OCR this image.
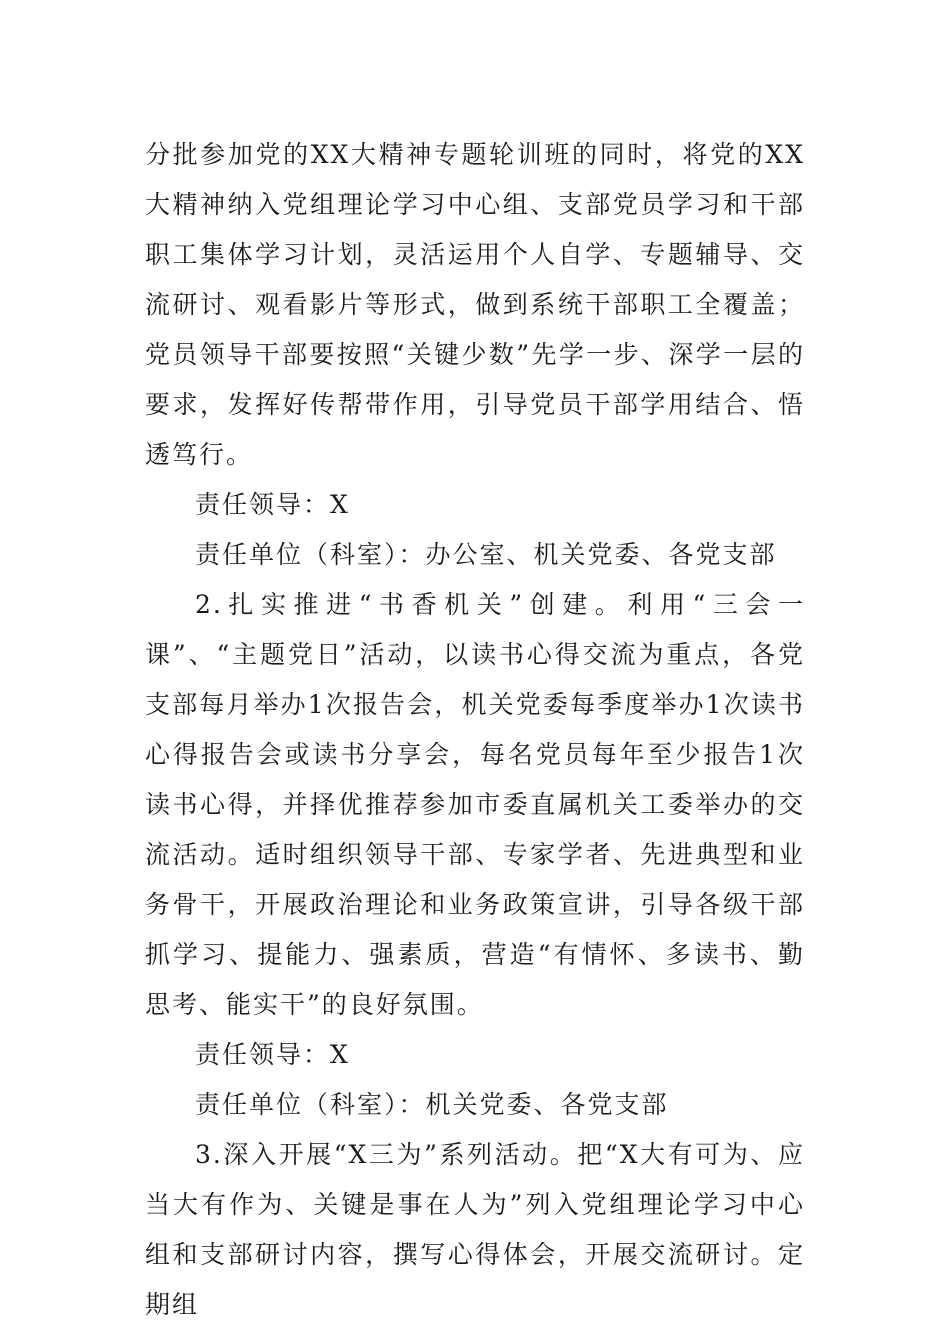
分批参加党的XX大精神专题轮训班的同时，将党的XX大精神纳入党组理论学习中心组、支部党员学习和干部职工集体学习计划，灵活运用个人自学、专题辅导、交流研讨、观看影片等形式，做到系统干部职工全覆盖；党员领导干部要按照“关键少数”先学一步、深学一层的要求，发挥好传帮带作用，引导党员干部学用结合、悟透笃行。

责任领导：X

责任单位（科室）：办公室、机关党委、各党支部

2.扎实推进“书香机关”创建。利用“三会一课”、“主题党日”活动，以读书心得交流为重点，各党支部每月举办1次报告会，机关党委每季度举办1次读书心得报告会或读书分享会，每名党员每年至少报告1次读书心得，并择优推荐参加市委直属机关工委举办的交流活动。适时组织领导干部、专家学者、先进典型和业务骨干，开展政治理论和业务政策宣讲，引导各级干部抓学习、提能力、强素质，营造“有情怀、多读书、勤思考、能实干”的良好氛围。

责任领导：X

责任单位（科室）：机关党委、各党支部

3.深入开展“X三为”系列活动。把“X大有可为、应当大有作为、关键是事在人为”列入党组理论学习中心组和支部研讨内容，撰写心得体会，开展交流研讨。定期组
